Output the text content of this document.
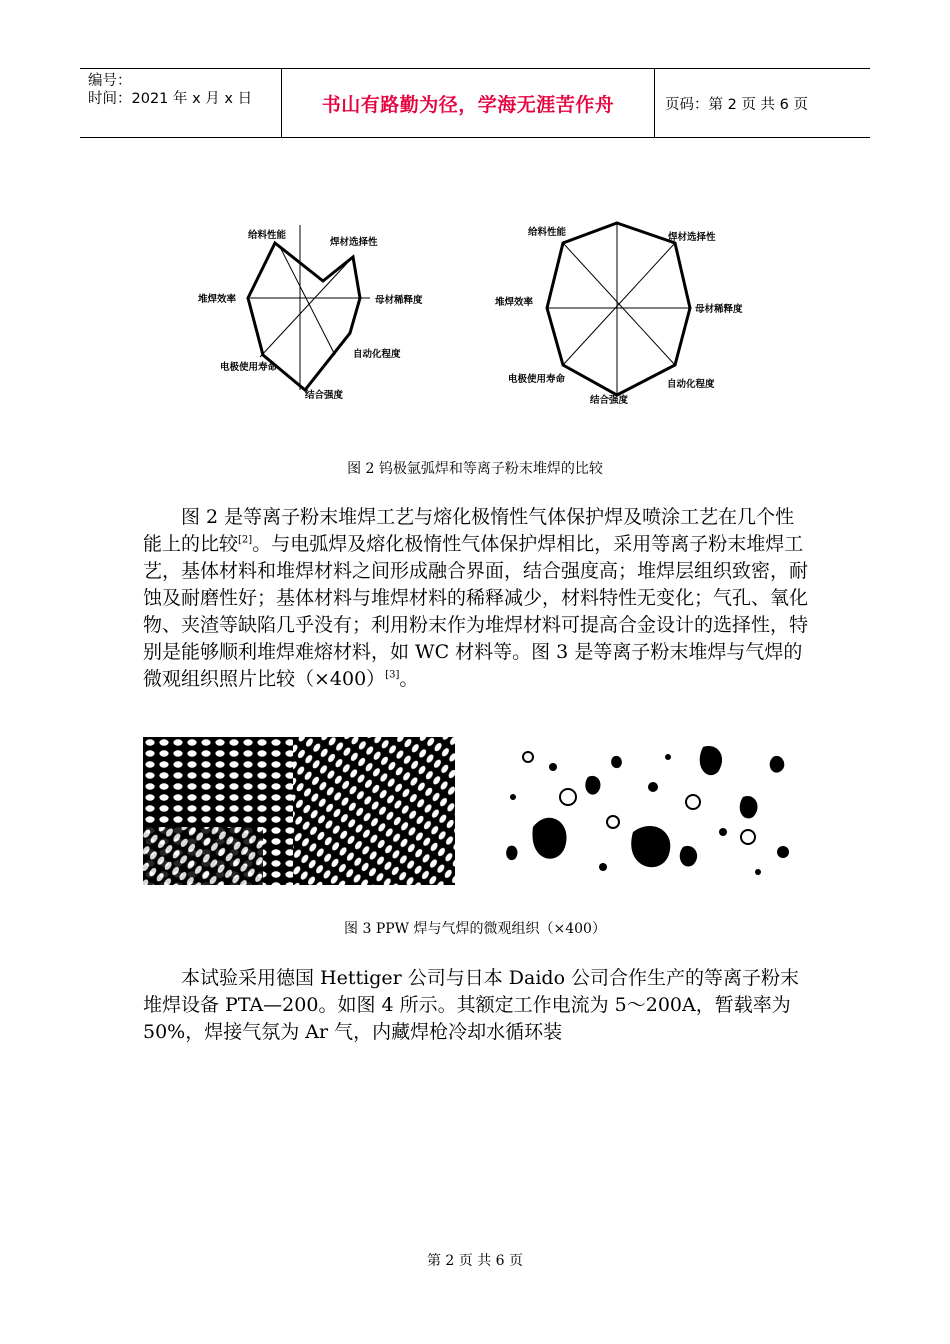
编号：
时间：2021 年 x 月 x 日	书山有路勤为径，学海无涯苦作舟	页码：第 2 页 共 6 页
给料性能
焊材选择性
母材稀释度
自动化程度
结合强度
电极使用寿命
堆焊效率
给料性能	焊材选择性
母材稀释度
自动化程度
结合强度
电极使用寿命
堆焊效率
图 2 钨极氩弧焊和等离子粉末堆焊的比较

图 2 是等离子粉末堆焊工艺与熔化极惰性气体保护焊及喷涂工艺在几个性能上的比较[2]。与电弧焊及熔化极惰性气体保护焊相比，采用等离子粉末堆焊工艺，基体材料和堆焊材料之间形成融合界面，结合强度高；堆焊层组织致密，耐蚀及耐磨性好；基体材料与堆焊材料的稀释减少，材料特性无变化；气孔、氧化物、夹渣等缺陷几乎没有；利用粉末作为堆焊材料可提高合金设计的选择性，特别是能够顺利堆焊难熔材料，如 WC 材料等。图 3 是等离子粉末堆焊与气焊的微观组织照片比较（×400）[3]。

图 3 PPW 焊与气焊的微观组织（×400）

本试验采用德国 Hettiger 公司与日本 Daido 公司合作生产的等离子粉末堆焊设备 PTA—200。如图 4 所示。其额定工作电流为 5～200A，暂载率为 50%，焊接气氛为 Ar 气，内藏焊枪冷却水循环装

第 2 页 共 6 页
